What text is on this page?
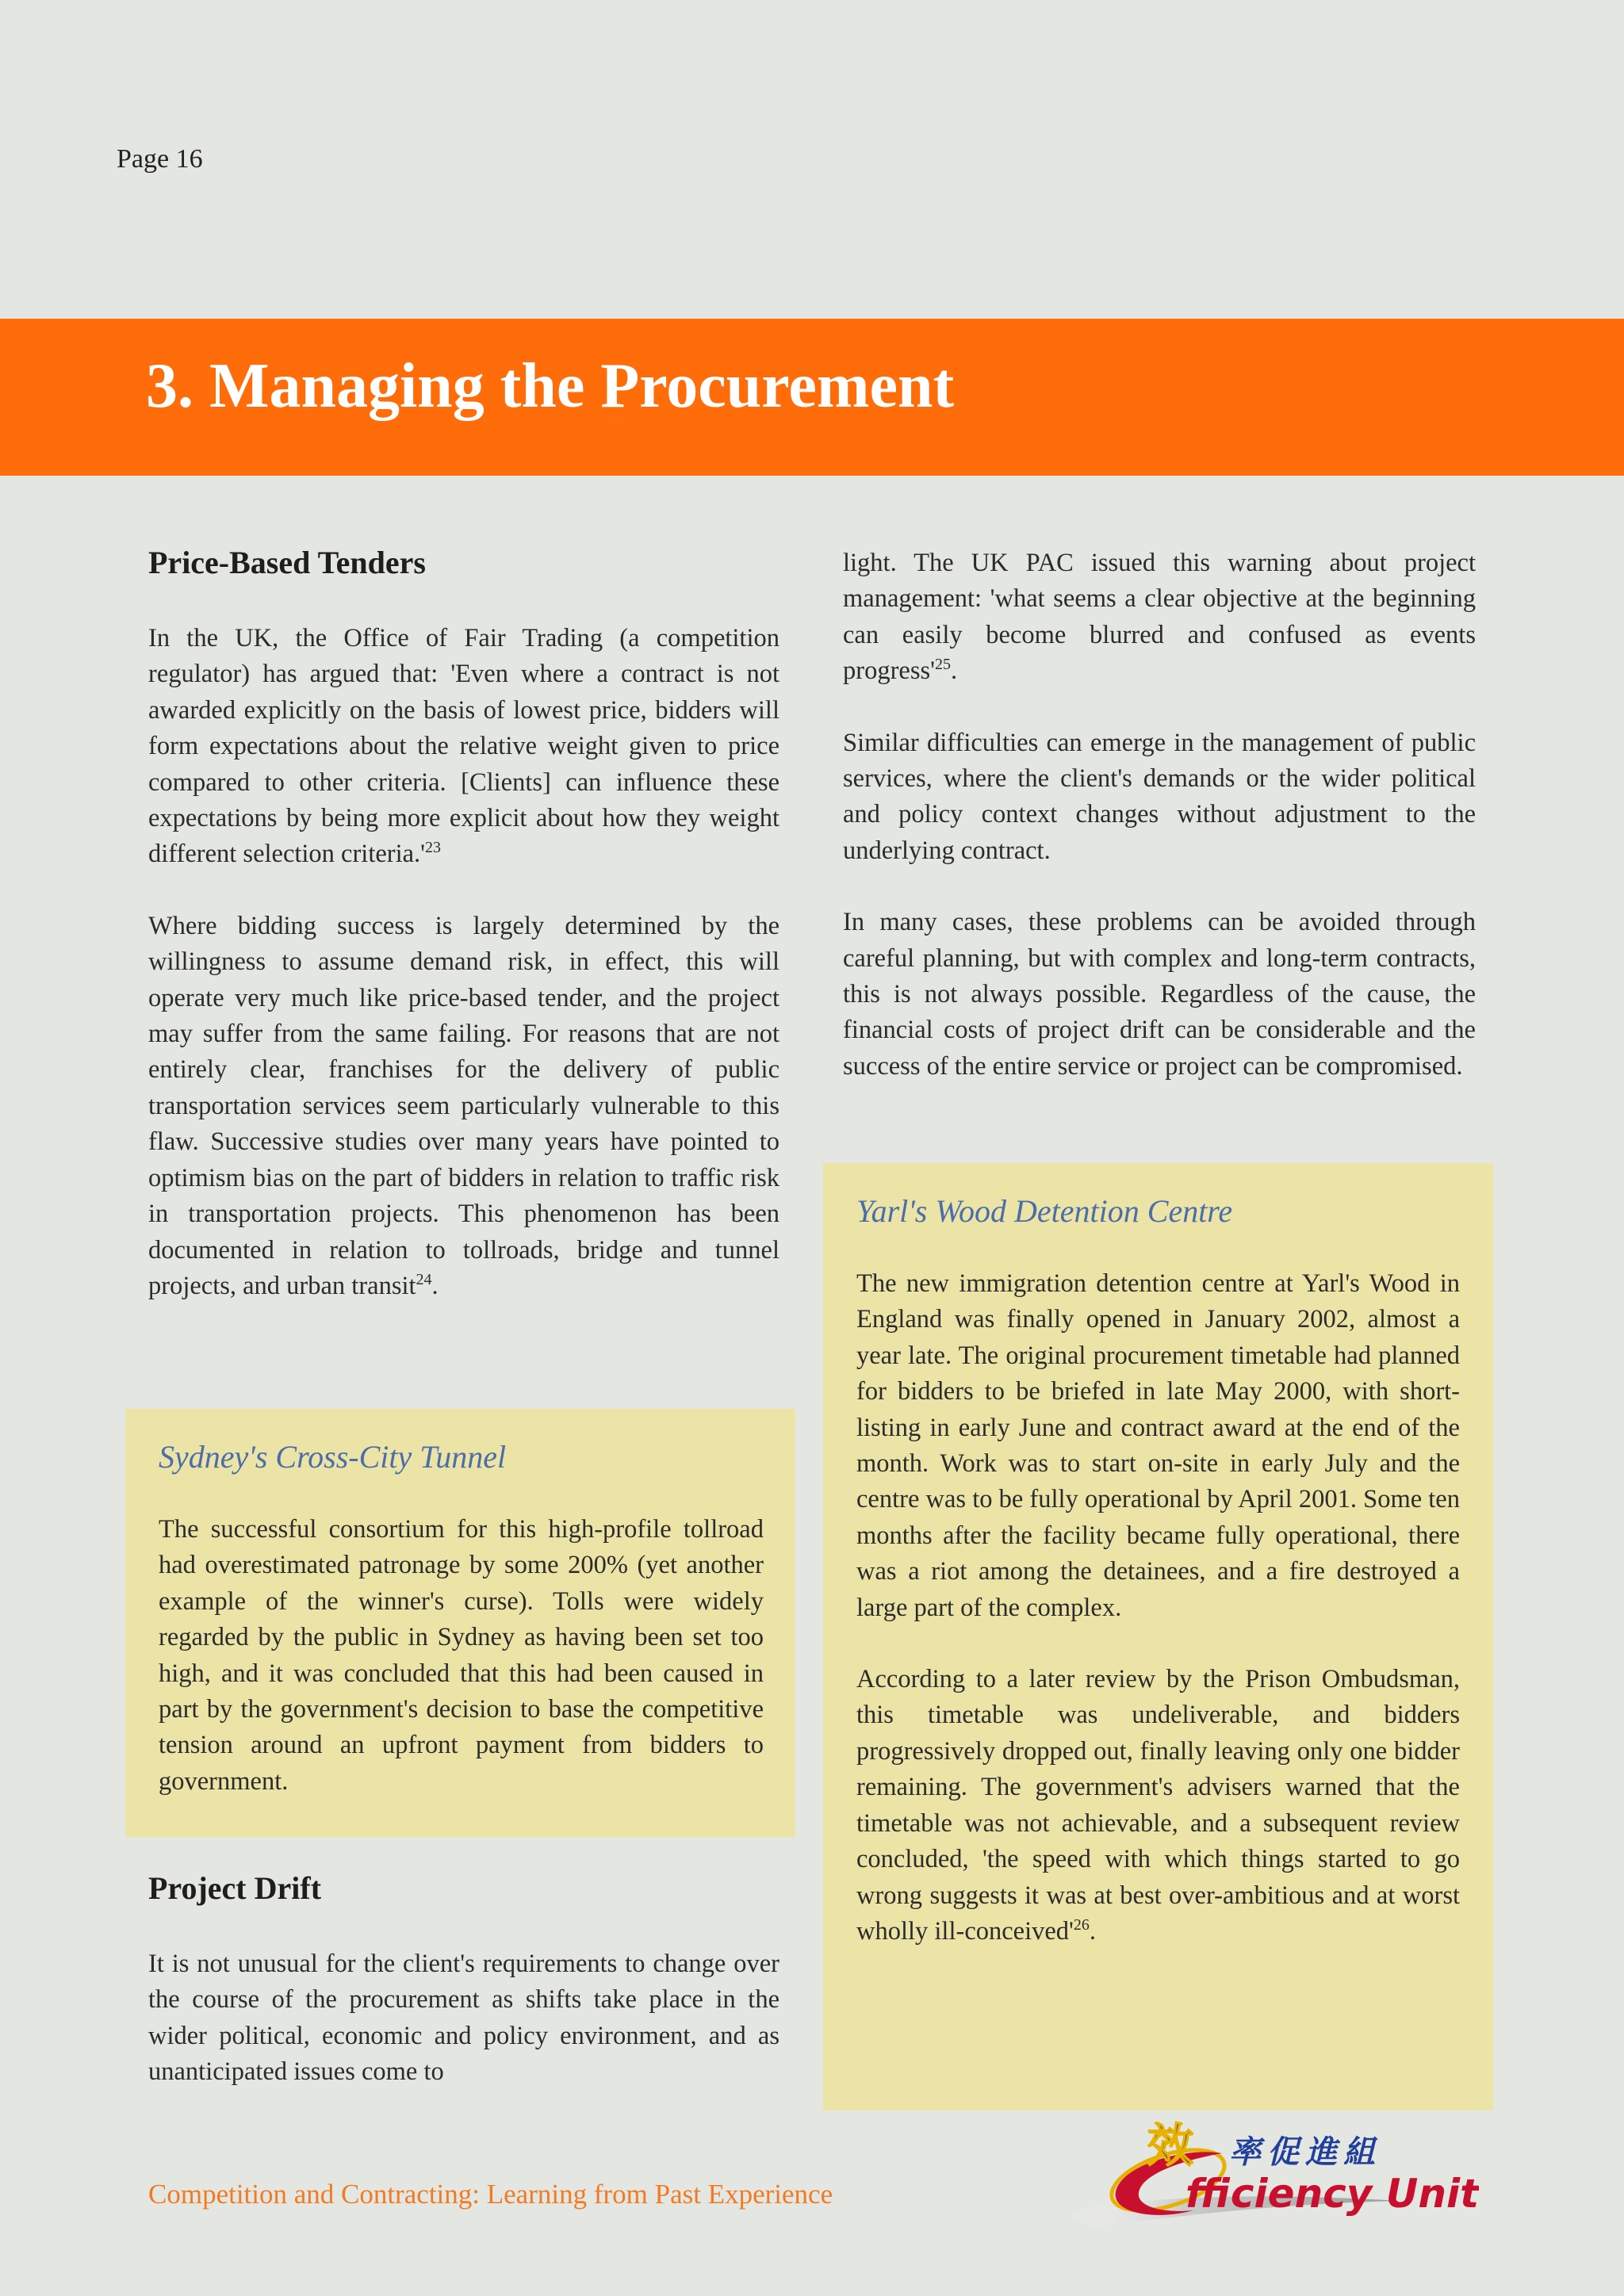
Page 16
3. Managing the Procurement
Price-Based Tenders

In the UK, the Office of Fair Trading (a competition regulator) has argued that: 'Even where a contract is not awarded explicitly on the basis of lowest price, bidders will form expectations about the relative weight given to price compared to other criteria. [Clients] can influence these expectations by being more explicit about how they weight different selection $criteria.'^{23}$

Where bidding success is largely determined by the willingness to assume demand risk, in effect, this will operate very much like price-based tender, and the project may suffer from the same failing. For reasons that are not entirely clear, franchises for the delivery of public transportation services seem particularly vulnerable to this flaw. Successive studies over many years have pointed to optimism bias on the part of bidders in relation to traffic risk in transportation projects. This phenomenon has been documented in relation to tollroads, bridge and tunnel projects, and urban transit$^{24}$.

Sydney's Cross-City Tunnel

The successful consortium for this high-profile tollroad had overestimated patronage by some 200% (yet another example of the winner's curse). Tolls were widely regarded by the public in Sydney as having been set too high, and it was concluded that this had been caused in part by the government's decision to base the competitive tension around an upfront payment from bidders to government.

Project Drift

It is not unusual for the client's requirements to change over the course of the procurement as shifts take place in the wider political, economic and policy environment, and as unanticipated issues come to

light. The UK PAC issued this warning about project management: 'what seems a clear objective at the beginning can easily become blurred and confused as events $progress'^{25}$.

Similar difficulties can emerge in the management of public services, where the client's demands or the wider political and policy context changes without adjustment to the underlying contract.

In many cases, these problems can be avoided through careful planning, but with complex and long-term contracts, this is not always possible. Regardless of the cause, the financial costs of project drift can be considerable and the success of the entire service or project can be compromised.

Yarl's Wood Detention Centre

The new immigration detention centre at Yarl's Wood in England was finally opened in January 2002, almost a year late. The original procurement timetable had planned for bidders to be briefed in late May 2000, with short-listing in early June and contract award at the end of the month. Work was to start on-site in early July and the centre was to be fully operational by April 2001. Some ten months after the facility became fully operational, there was a riot among the detainees, and a fire destroyed a large part of the complex.

According to a later review by the Prison Ombudsman, this timetable was undeliverable, and bidders progressively dropped out, finally leaving only one bidder remaining. The government's advisers warned that the timetable was not achievable, and a subsequent review concluded, 'the speed with which things started to go wrong suggests it was at best over-ambitious and at worst wholly ill-$conceived'^{26}$.

Competition and Contracting: Learning from Past Experience
效 率促進組
fficiency Unit
